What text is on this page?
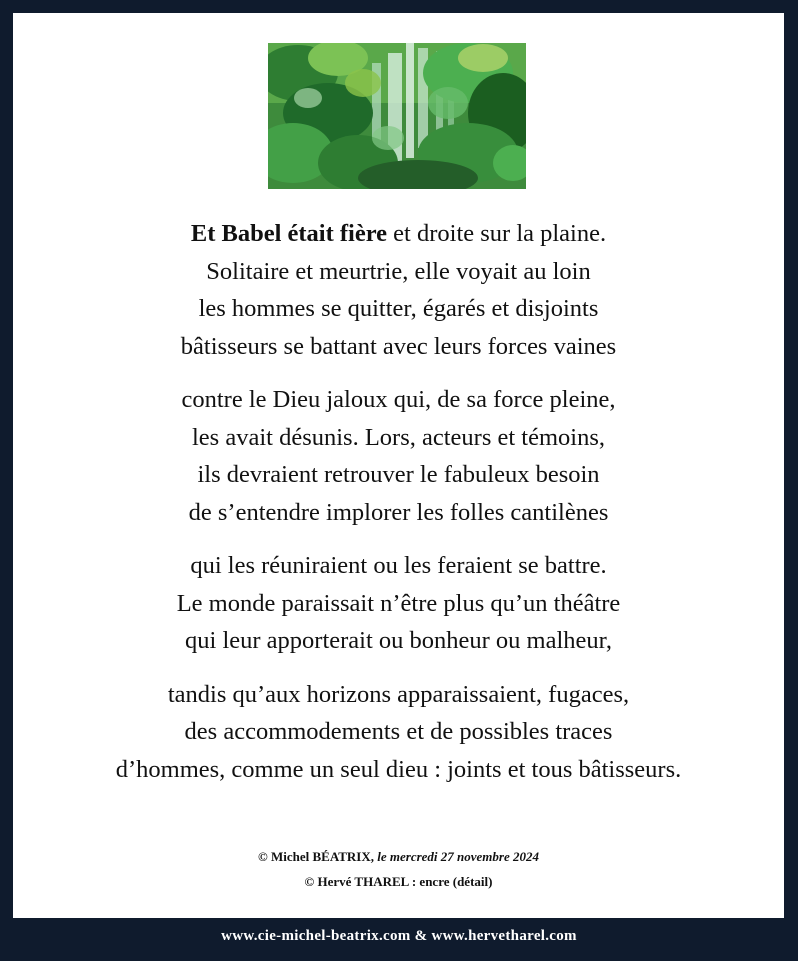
Et Babel était fière et droite sur la plaine.
Solitaire et meurtrie, elle voyait au loin
les hommes se quitter, égarés et disjoints
bâtisseurs se battant avec leurs forces vaines
contre le Dieu jaloux qui, de sa force pleine,
les avait désunis. Lors, acteurs et témoins,
ils devraient retrouver le fabuleux besoin
de s’entendre implorer les folles cantilènes
qui les réuniraient ou les feraient se battre.
Le monde paraissait n’être plus qu’un théâtre
qui leur apporterait ou bonheur ou malheur,
tandis qu’aux horizons apparaissaient, fugaces,
des accommodements et de possibles traces
d’hommes, comme un seul dieu : joints et tous bâtisseurs.
© Michel BÉATRIX, le mercredi 27 novembre 2024
© Hervé THAREL : encre (détail)
www.cie-michel-beatrix.com & www.hervetharel.com
